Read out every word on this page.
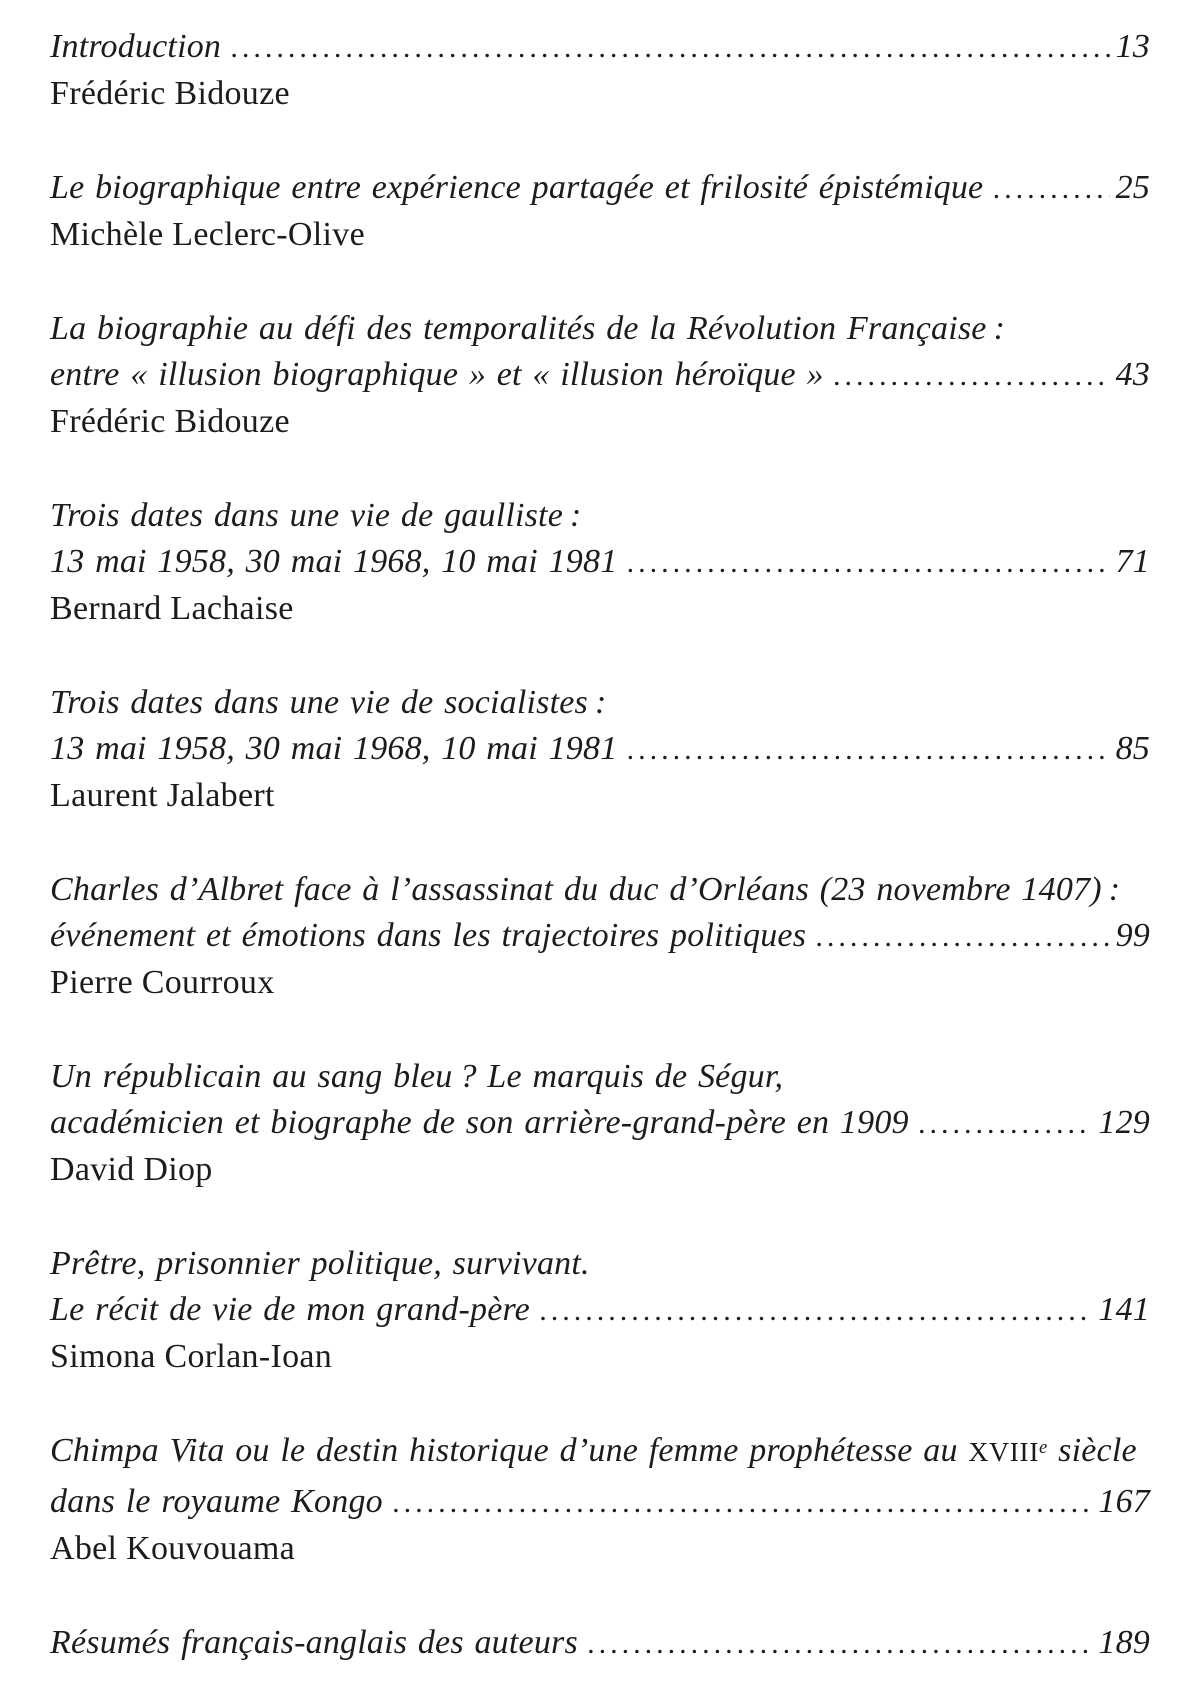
Introduction .....	13
Frédéric Bidouze
Le biographique entre expérience partagée et frilosité épistémique .....	25
Michèle Leclerc-Olive
La biographie au défi des temporalités de la Révolution Française :
entre « illusion biographique » et « illusion héroïque » .....	43
Frédéric Bidouze
Trois dates dans une vie de gaulliste :
13 mai 1958, 30 mai 1968, 10 mai 1981 .....	71
Bernard Lachaise
Trois dates dans une vie de socialistes :
13 mai 1958, 30 mai 1968, 10 mai 1981 .....	85
Laurent Jalabert
Charles d’Albret face à l’assassinat du duc d’Orléans (23 novembre 1407) :
événement et émotions dans les trajectoires politiques .....	99
Pierre Courroux
Un républicain au sang bleu ? Le marquis de Ségur,
académicien et biographe de son arrière-grand-père en 1909 .....	129
David Diop
Prêtre, prisonnier politique, survivant.
Le récit de vie de mon grand-père .....	141
Simona Corlan-Ioan
Chimpa Vita ou le destin historique d’une femme prophétesse au XVIII e siècle
dans le royaume Kongo .....	167
Abel Kouvouama
Résumés français-anglais des auteurs .....	189
